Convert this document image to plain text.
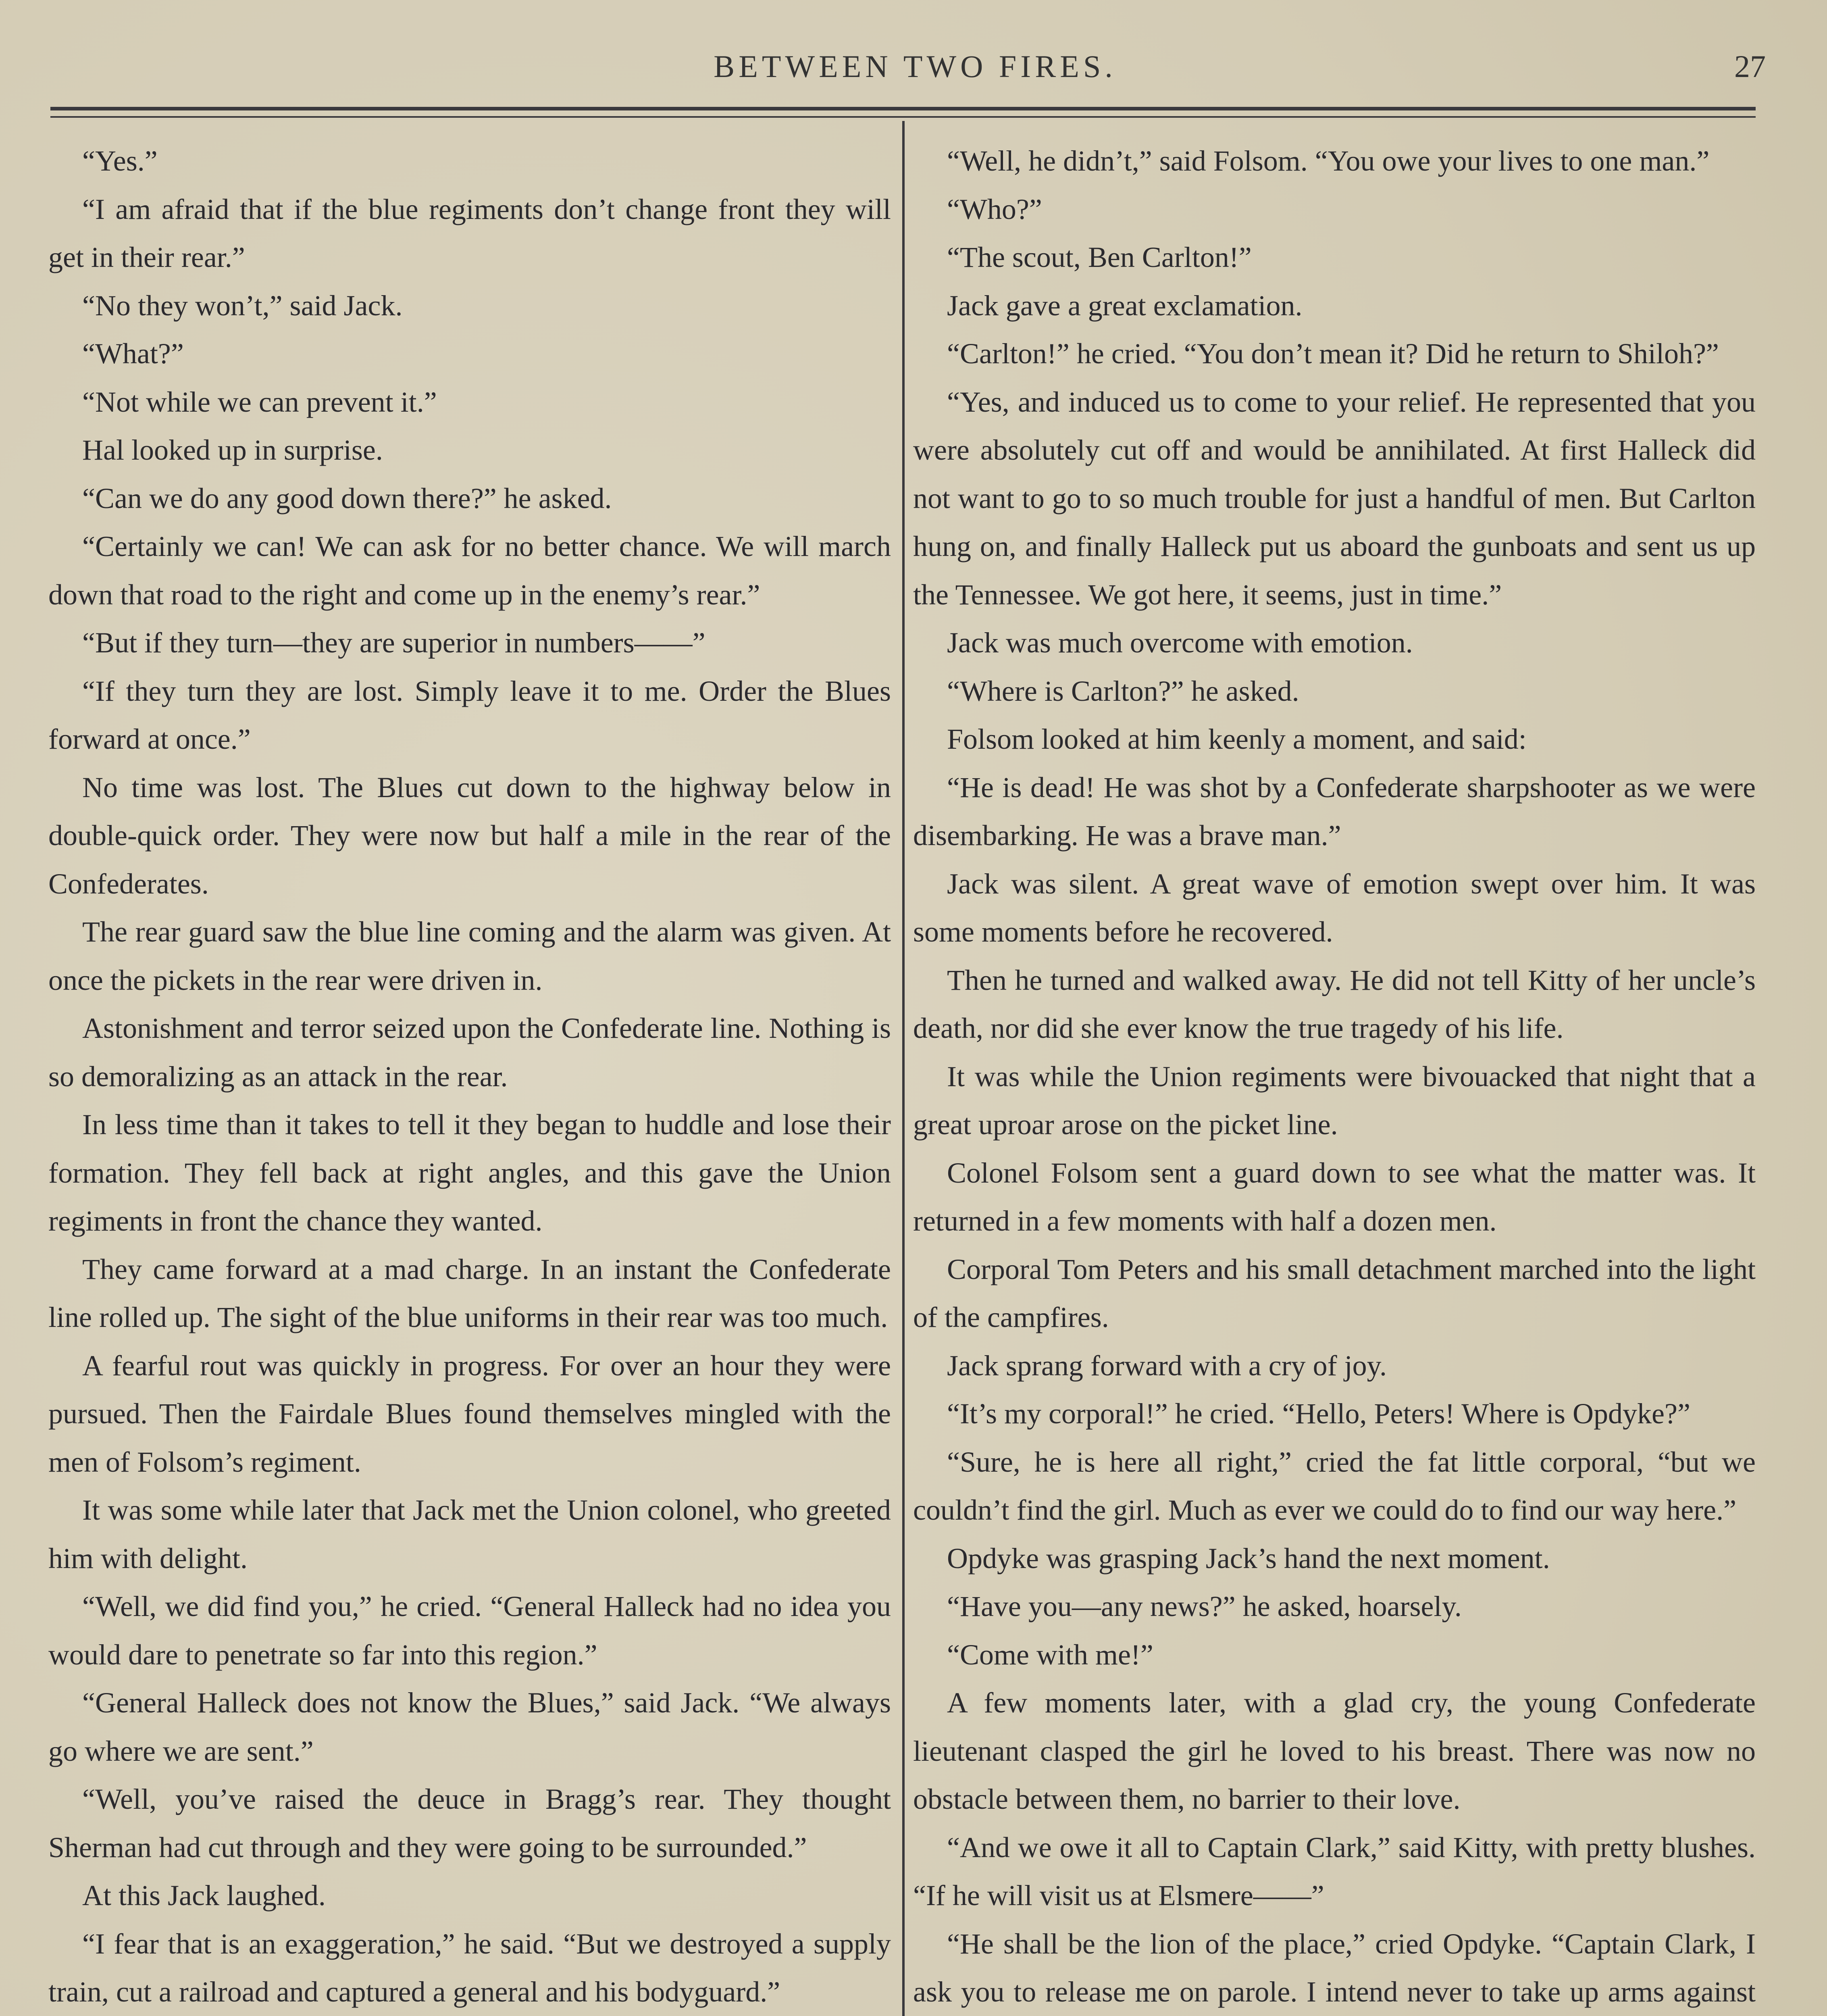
BETWEEN TWO FIRES.	27

“Yes.”

“I am afraid that if the blue regiments don’t change front they will get in their rear.”

“No they won’t,” said Jack.

“What?”

“Not while we can prevent it.”

Hal looked up in surprise.

“Can we do any good down there?” he asked.

“Certainly we can! We can ask for no better chance. We will march down that road to the right and come up in the enemy’s rear.”

“But if they turn—they are superior in numbers——”

“If they turn they are lost. Simply leave it to me. Order the Blues forward at once.”

No time was lost. The Blues cut down to the highway below in double-quick order. They were now but half a mile in the rear of the Confederates.

The rear guard saw the blue line coming and the alarm was given. At once the pickets in the rear were driven in.

Astonishment and terror seized upon the Confederate line. Nothing is so demoralizing as an attack in the rear.

In less time than it takes to tell it they began to huddle and lose their formation. They fell back at right angles, and this gave the Union regiments in front the chance they wanted.

They came forward at a mad charge. In an instant the Confederate line rolled up. The sight of the blue uniforms in their rear was too much.

A fearful rout was quickly in progress. For over an hour they were pursued. Then the Fairdale Blues found themselves mingled with the men of Folsom’s regiment.

It was some while later that Jack met the Union colonel, who greeted him with delight.

“Well, we did find you,” he cried. “General Halleck had no idea you would dare to penetrate so far into this region.”

“General Halleck does not know the Blues,” said Jack. “We always go where we are sent.”

“Well, you’ve raised the deuce in Bragg’s rear. They thought Sherman had cut through and they were going to be surrounded.”

At this Jack laughed.

“I fear that is an exaggeration,” he said. “But we destroyed a supply train, cut a railroad and captured a general and his bodyguard.”

“Well, he didn’t,” said Folsom. “You owe your lives to one man.”

“Who?”

“The scout, Ben Carlton!”

Jack gave a great exclamation.

“Carlton!” he cried. “You don’t mean it? Did he return to Shiloh?”

“Yes, and induced us to come to your relief. He represented that you were absolutely cut off and would be annihilated. At first Halleck did not want to go to so much trouble for just a handful of men. But Carlton hung on, and finally Halleck put us aboard the gunboats and sent us up the Tennessee. We got here, it seems, just in time.”

Jack was much overcome with emotion.

“Where is Carlton?” he asked.

Folsom looked at him keenly a moment, and said:

“He is dead! He was shot by a Confederate sharpshooter as we were disembarking. He was a brave man.”

Jack was silent. A great wave of emotion swept over him. It was some moments before he recovered.

Then he turned and walked away. He did not tell Kitty of her uncle’s death, nor did she ever know the true tragedy of his life.

It was while the Union regiments were bivouacked that night that a great uproar arose on the picket line.

Colonel Folsom sent a guard down to see what the matter was. It returned in a few moments with half a dozen men.

Corporal Tom Peters and his small detachment marched into the light of the campfires.

Jack sprang forward with a cry of joy.

“It’s my corporal!” he cried. “Hello, Peters! Where is Opdyke?”

“Sure, he is here all right,” cried the fat little corporal, “but we couldn’t find the girl. Much as ever we could do to find our way here.”

Opdyke was grasping Jack’s hand the next moment.

“Have you—any news?” he asked, hoarsely.

“Come with me!”

A few moments later, with a glad cry, the young Confederate lieutenant clasped the girl he loved to his breast. There was now no obstacle between them, no barrier to their love.

“And we owe it all to Captain Clark,” said Kitty, with pretty blushes. “If he will visit us at Elsmere——”

“He shall be the lion of the place,” cried Opdyke. “Captain Clark, I ask you to release me on parole. I intend never to take up arms against
